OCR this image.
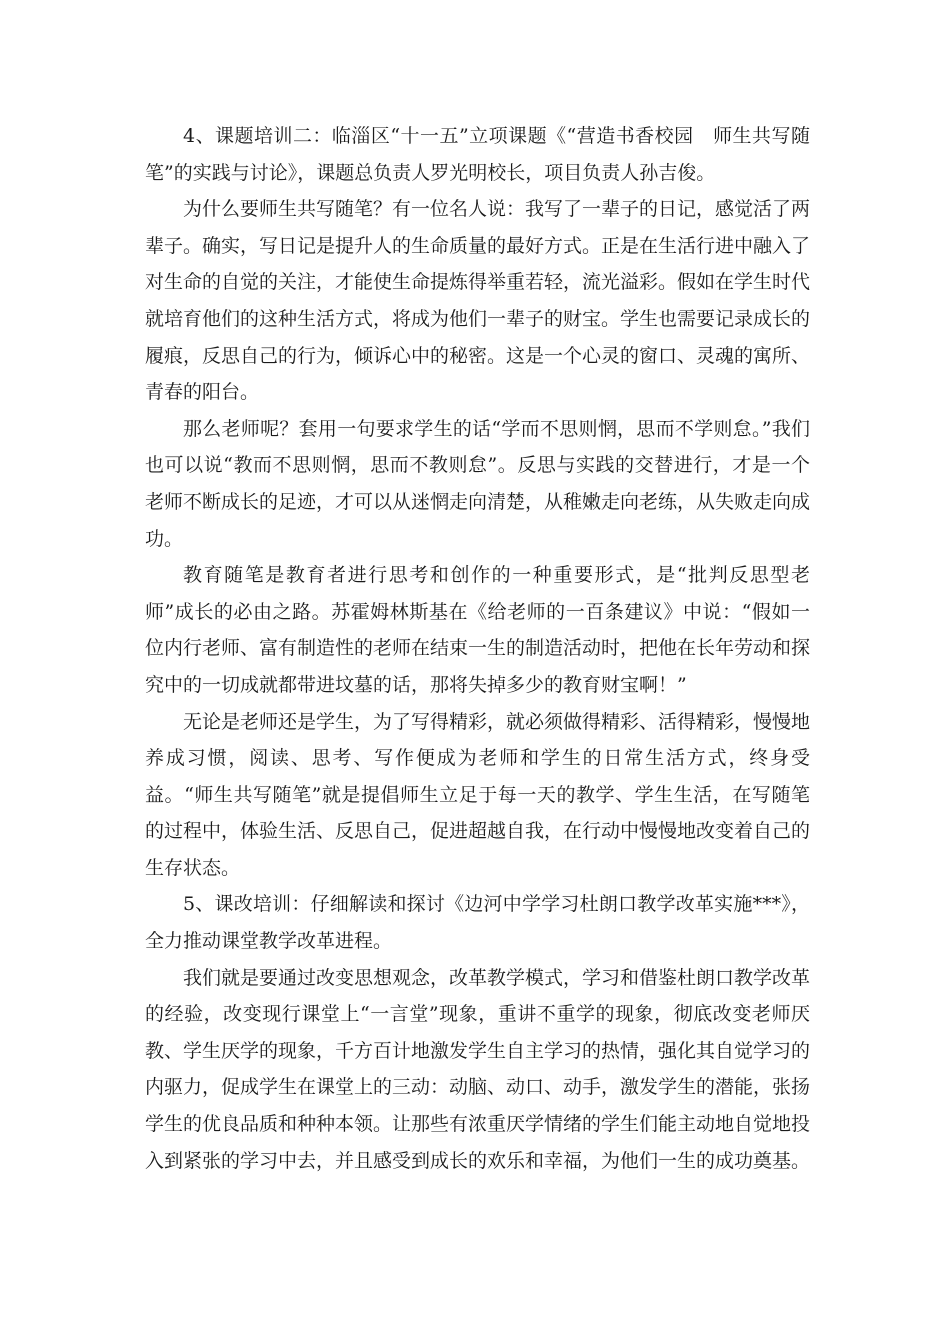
4、课题培训二：临淄区“十一五”立项课题《“营造书香校园　师生共写随笔”的实践与讨论》，课题总负责人罗光明校长，项目负责人孙吉俊。

为什么要师生共写随笔？有一位名人说：我写了一辈子的日记，感觉活了两辈子。确实，写日记是提升人的生命质量的最好方式。正是在生活行进中融入了对生命的自觉的关注，才能使生命提炼得举重若轻，流光溢彩。假如在学生时代就培育他们的这种生活方式，将成为他们一辈子的财宝。学生也需要记录成长的履痕，反思自己的行为，倾诉心中的秘密。这是一个心灵的窗口、灵魂的寓所、青春的阳台。

那么老师呢？套用一句要求学生的话“学而不思则惘，思而不学则怠。”我们也可以说“教而不思则惘，思而不教则怠”。反思与实践的交替进行，才是一个老师不断成长的足迹，才可以从迷惘走向清楚，从稚嫩走向老练，从失败走向成功。

教育随笔是教育者进行思考和创作的一种重要形式，是“批判反思型老师”成长的必由之路。苏霍姆林斯基在《给老师的一百条建议》中说：“假如一位内行老师、富有制造性的老师在结束一生的制造活动时，把他在长年劳动和探究中的一切成就都带进坟墓的话，那将失掉多少的教育财宝啊！”

无论是老师还是学生，为了写得精彩，就必须做得精彩、活得精彩，慢慢地养成习惯，阅读、思考、写作便成为老师和学生的日常生活方式，终身受益。“师生共写随笔”就是提倡师生立足于每一天的教学、学生生活，在写随笔的过程中，体验生活、反思自己，促进超越自我，在行动中慢慢地改变着自己的生存状态。

5、课改培训：仔细解读和探讨《边河中学学习杜朗口教学改革实施***》，全力推动课堂教学改革进程。

我们就是要通过改变思想观念，改革教学模式，学习和借鉴杜朗口教学改革的经验，改变现行课堂上“一言堂”现象，重讲不重学的现象，彻底改变老师厌教、学生厌学的现象，千方百计地激发学生自主学习的热情，强化其自觉学习的内驱力，促成学生在课堂上的三动：动脑、动口、动手，激发学生的潜能，张扬学生的优良品质和种种本领。让那些有浓重厌学情绪的学生们能主动地自觉地投入到紧张的学习中去，并且感受到成长的欢乐和幸福，为他们一生的成功奠基。
